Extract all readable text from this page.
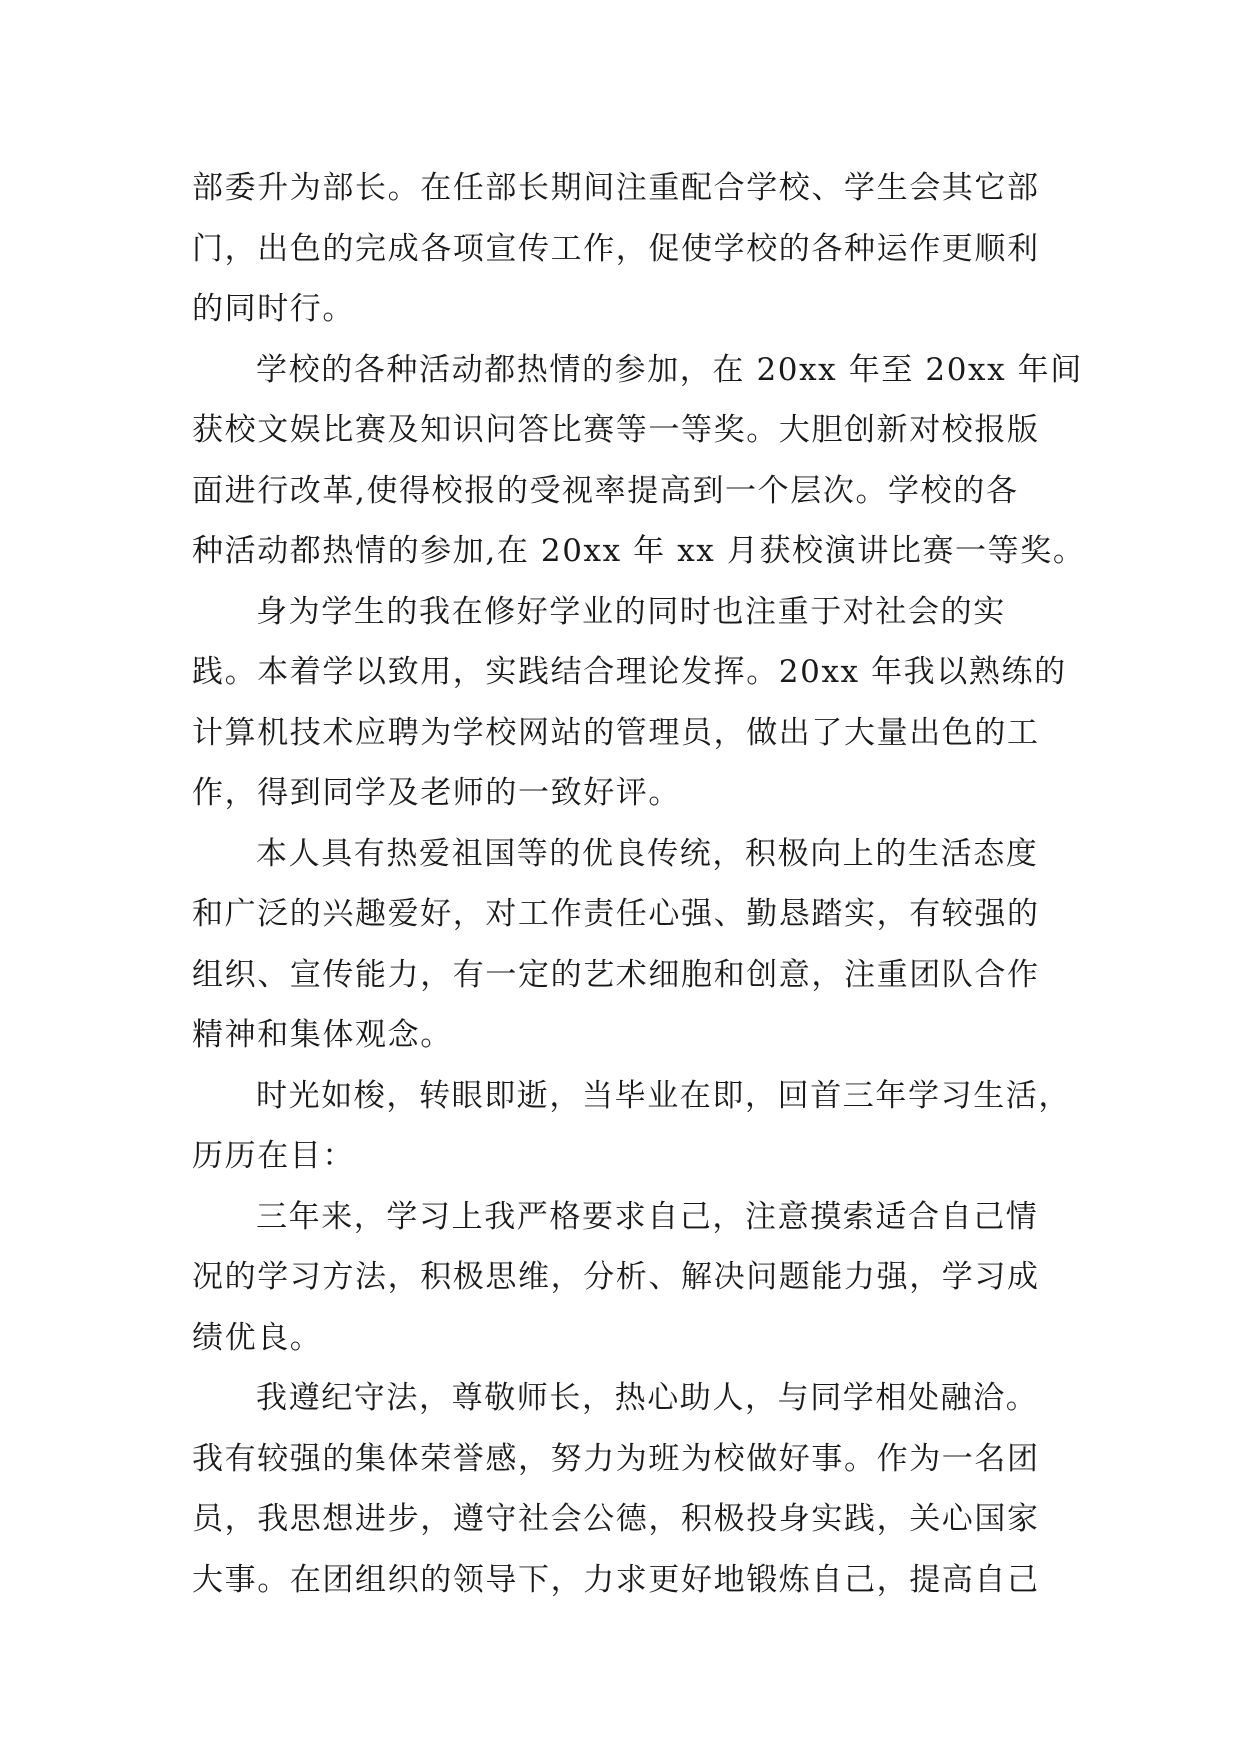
部委升为部长。在任部长期间注重配合学校、学生会其它部
门，出色的完成各项宣传工作，促使学校的各种运作更顺利
的同时行。
学校的各种活动都热情的参加，在 20xx 年至 20xx 年间
获校文娱比赛及知识问答比赛等一等奖。大胆创新对校报版
面进行改革,使得校报的受视率提高到一个层次。学校的各
种活动都热情的参加,在 20xx 年 xx 月获校演讲比赛一等奖。
身为学生的我在修好学业的同时也注重于对社会的实
践。本着学以致用，实践结合理论发挥。20xx 年我以熟练的
计算机技术应聘为学校网站的管理员，做出了大量出色的工
作，得到同学及老师的一致好评。
本人具有热爱祖国等的优良传统，积极向上的生活态度
和广泛的兴趣爱好，对工作责任心强、勤恳踏实，有较强的
组织、宣传能力，有一定的艺术细胞和创意，注重团队合作
精神和集体观念。
时光如梭，转眼即逝，当毕业在即，回首三年学习生活，
历历在目：
三年来，学习上我严格要求自己，注意摸索适合自己情
况的学习方法，积极思维，分析、解决问题能力强，学习成
绩优良。
我遵纪守法，尊敬师长，热心助人，与同学相处融洽。
我有较强的集体荣誉感，努力为班为校做好事。作为一名团
员，我思想进步，遵守社会公德，积极投身实践，关心国家
大事。在团组织的领导下，力求更好地锻炼自己，提高自己
